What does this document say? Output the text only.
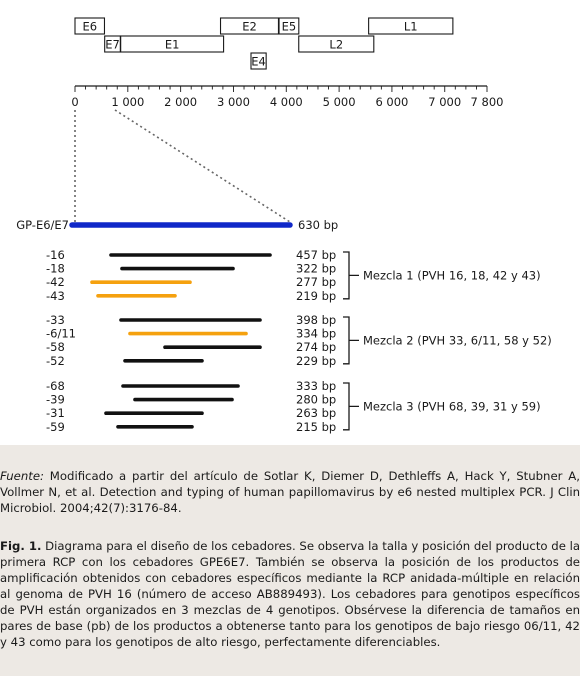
E6	E2 E5	L1
E7	E1	L2
E4
0	1 000 2 000 3 000 4 000 5 000 6 000 7 000 7 800
GP-E6/E7	630 bp
-16	457 bp
-18	322 bp
-42	277 bp
-43	219 bp
Mezcla 1 (PVH 16, 18, 42 y 43)
-33	398 bp
-6/11	334 bp
-58	274 bp
-52	229 bp
Mezcla 2 (PVH 33, 6/11, 58 y 52)
-68	333 bp
-39	280 bp
-31	263 bp
-59	215 bp
Mezcla 3 (PVH 68, 39, 31 y 59)

Fuente: Modificado a partir del artículo de Sotlar K, Diemer D, Dethleffs A, Hack Y, Stubner A, Vollmer N, et al. Detection and typing of human papillomavirus by e6 nested multiplex PCR. J Clin Microbiol. 2004;42(7):3176-84.

Fig. 1. Diagrama para el diseño de los cebadores. Se observa la talla y posición del producto de la primera RCP con los cebadores GPE6E7. También se observa la posición de los productos de amplificación obtenidos con cebadores específicos mediante la RCP anidada-múltiple en relación al genoma de PVH 16 (número de acceso AB889493). Los cebadores para genotipos específicos de PVH están organizados en 3 mezclas de 4 genotipos. Obsérvese la diferencia de tamaños en pares de base (pb) de los productos a obtenerse tanto para los genotipos de bajo riesgo 06/11, 42 y 43 como para los genotipos de alto riesgo, perfectamente diferenciables.
